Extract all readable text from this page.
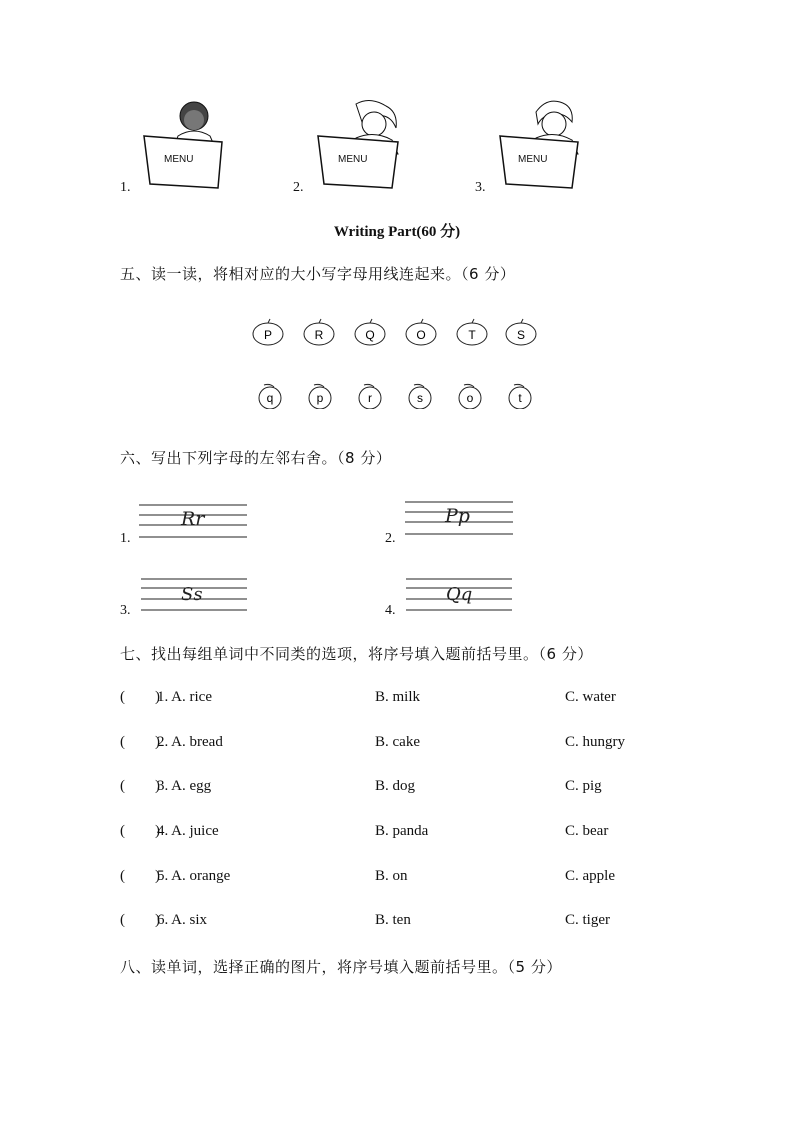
1.
MENU
2.
MENU
3.
MENU
Writing Part(60 分)
五、读一读，将相对应的大小写字母用线连起来。（6 分）
P	R	Q	O	T	S
q	p	r	s	o	t
六、写出下列字母的左邻右舍。（8 分）
1.
Rr
2.
Pp
3.
Ss
4.
Qq
七、找出每组单词中不同类的选项，将序号填入题前括号里。（6 分）
(        )
1. A. rice	B. milk	C. water
(        )
2. A. bread	B. cake	C. hungry
(        )
3. A. egg	B. dog	C. pig
(        )
4. A. juice	B. panda	C. bear
(        )
5. A. orange	B. on	C. apple
(        )
6. A. six	B. ten	C. tiger
八、读单词，选择正确的图片，将序号填入题前括号里。（5 分）
